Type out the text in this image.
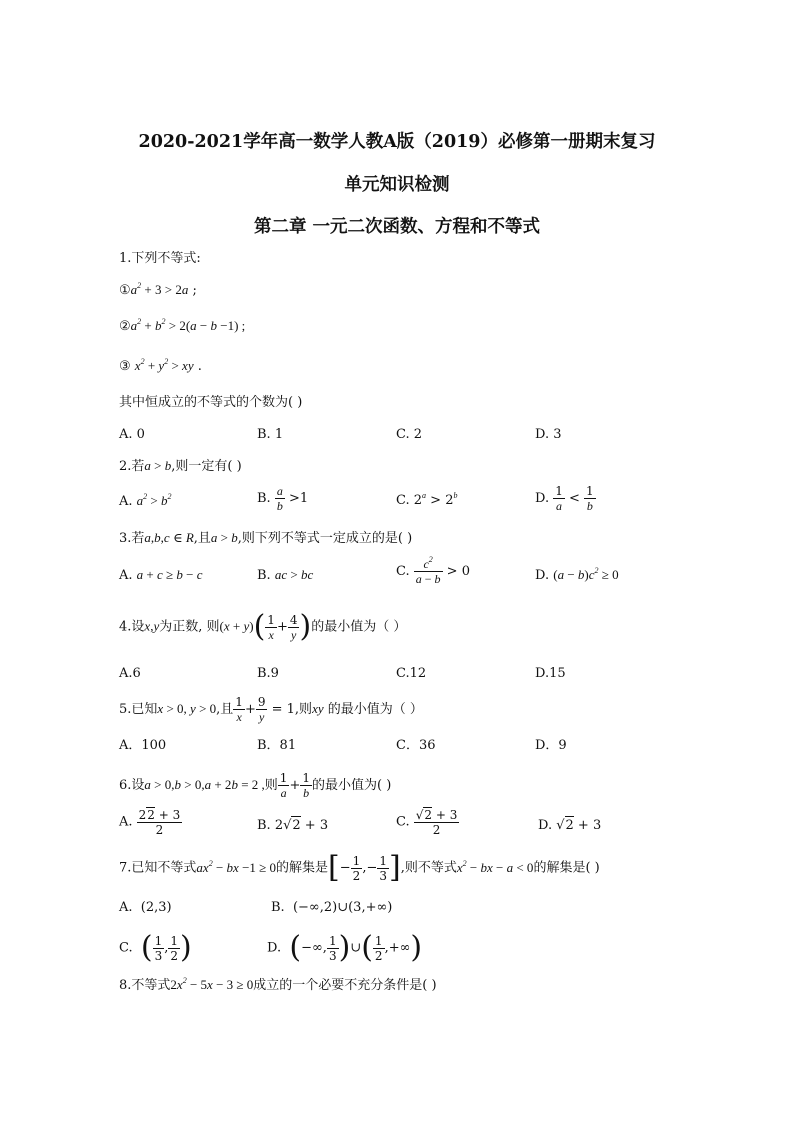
2020-2021学年高一数学人教A版（2019）必修第一册期末复习
单元知识检测
第二章 一元二次函数、方程和不等式
1.下列不等式:
$①a^2 + 3 > 2a$ ;
$②a^2 + b^2 > 2(a - b -1)$ ;
③ $x^2 + y^2$ > xy .
其中恒成立的不等式的个数为( )
A. 0	B. 1	C. 2	D. 3
2.若a > b,则一定有( )
A. $a^2 > b^2$	B. $\frac{a}{b} >1$	C. $2^a > 2^b$	D. $\frac{1}{a} < \frac{1}{b}$
3.若a,b,c ∈ R,且a > b,则下列不等式一定成立的是( )
A. a + c ≥ b − c	B. ac > bc	C. $\frac{c^2}{a - b} > 0$	D. $(a - b)c^2 \ge 0$
4.设x,y为正数, 则$(x + y)( \frac{1}{x} + \frac{4}{y}$ )的最小值为（ ）
A.6	B.9	C.12	D.15
5.已知x > 0, y > 0,且 $\frac{1}{x} + \frac{9}{y} = 1$,则xy 的最小值为（ ）
A．100	B．81	C．36	D．9
6.设a > 0,b > 0,a + 2b = 2 ,则 $\frac{1}{a} + \frac{1}{b}$ 的最小值为( )
A. $\frac{22 + 3}{2}$	B. 2√2 + 3	C. $\frac{√2 + 3}{2}$	D. √2 + 3
7.已知不等式$ax^2$ − bx −1 ≥ 0的解集是[− $\frac{1}{2}$ ,− $\frac{1}{3}$ ],则不等式$x^2$ − bx − a < 0的解集是( )
A.  (2,3)	B.  (−∞,2)∪(3,+∞)
C.  ( $\frac{1}{3}$ , $\frac{1}{2}$ )	D.  (−∞, $\frac{1}{3}$ )∪( $\frac{1}{2}$ ,+∞)
8.不等式$2x^2 - 5x - 3 \ge 0$成立的一个必要不充分条件是( )
